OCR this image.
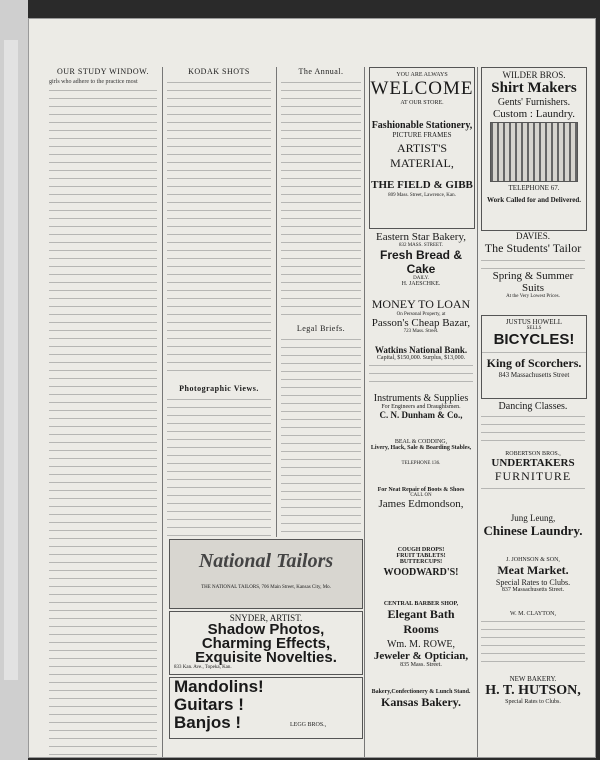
OUR STUDY WINDOW.
girls who adhere to the practice most
KODAK SHOTS
Photographic Views.
The Annual.
Legal Briefs.
National Tailors
THE NATIONAL TAILORS, 706 Main Street, Kansas City, Mo.
SNYDER, ARTIST.
Shadow Photos,
Charming Effects,
Exquisite Novelties.
833 Kan. Ave., Topeka, Kan.
Mandolins!
Guitars !
Banjos !	LEGG BROS.,
YOU ARE ALWAYS
WELCOME
AT OUR STORE.
Fashionable Stationery,
PICTURE FRAMES
ARTIST'S MATERIAL,
THE FIELD & GIBB
809 Mass. Street, Lawrence, Kan.
Eastern Star Bakery,
832 MASS. STREET.
Fresh Bread & Cake
DAILY.
H. JAESCHKE.
MONEY TO LOAN
On Personal Property, at
Passon's Cheap Bazar,
723 Mass. Street.
Watkins National Bank.
Capital, $150,000. Surplus, $13,000.
Instruments & Supplies
For Engineers and Draughtsmen.
C. N. Dunham & Co.,
BEAL & CODDING,
Livery, Hack, Sale & Boarding Stables,
TELEPHONE 136.
For Neat Repair of Boots & Shoes
CALL ON
James Edmondson,
COUGH DROPS!
FRUIT TABLETS!
BUTTERCUPS!
WOODWARD'S!
CENTRAL BARBER SHOP,
Elegant Bath Rooms
Wm. M. ROWE,
Jeweler & Optician,
835 Mass. Street.
Bakery,Confectionery & Lunch Stand.
Kansas Bakery.
WILDER BROS.
Shirt Makers
Gents' Furnishers.
Custom : Laundry.
TELEPHONE 67.
Work Called for and Delivered.
DAVIES.
The Students' Tailor
Spring & Summer Suits
At the Very Lowest Prices.
JUSTUS HOWELL
SELLS
BICYCLES!
King of Scorchers.
843 Massachusetts Street
Dancing Classes.
ROBERTSON BROS.,
UNDERTAKERS
FURNITURE
Jung Leung,
Chinese Laundry.
J. JOHNSON & SON,
Meat Market.
Special Rates to Clubs.
837 Massachusetts Street.
W. M. CLAYTON,
NEW BAKERY.
H. T. HUTSON,
Special Rates to Clubs.
